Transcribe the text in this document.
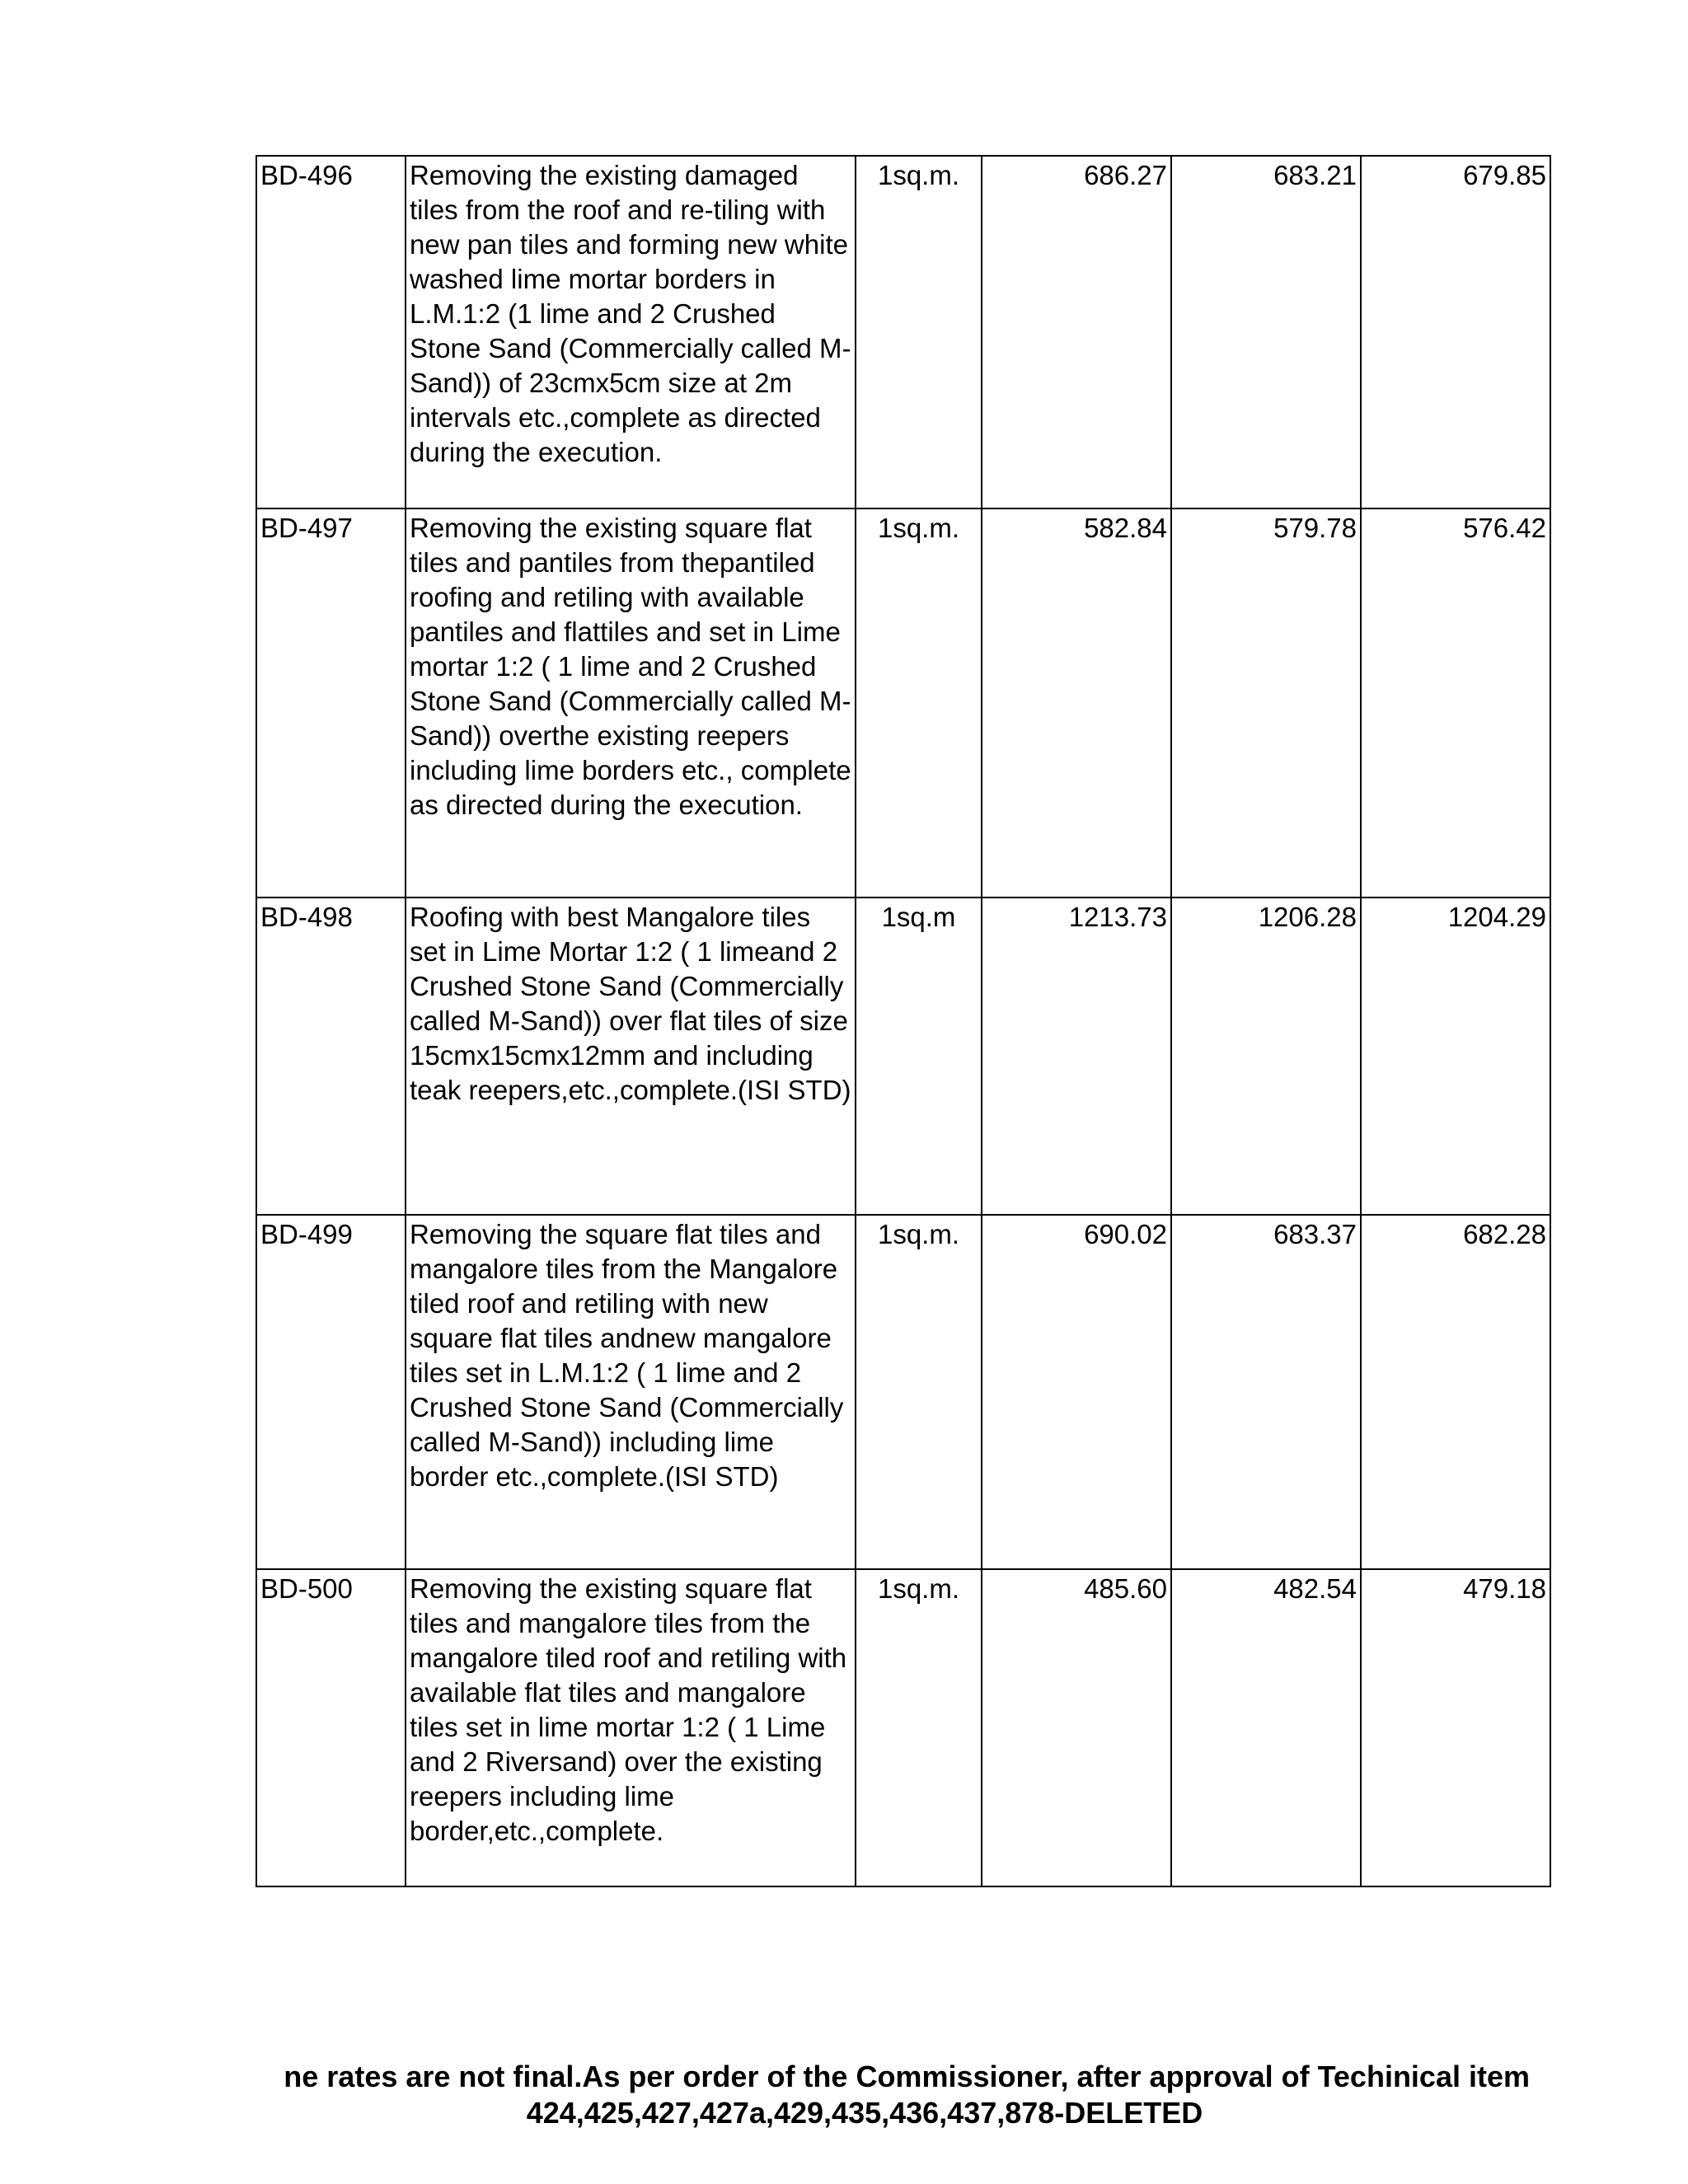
BD-496	Removing the existing damaged tiles from the roof and re-tiling with new pan tiles and forming new white washed lime mortar borders in L.M.1:2 (1 lime and 2 Crushed Stone Sand (Commercially called M-Sand)) of 23cmx5cm size at 2m intervals etc.,complete as directed during the execution.	1sq.m.	686.27	683.21	679.85
BD-497	Removing the existing square flat tiles and pantiles from thepantiled roofing and retiling with available pantiles and flattiles and set in Lime mortar 1:2 ( 1 lime and 2 Crushed Stone Sand (Commercially called M-Sand)) overthe existing reepers including lime borders etc., complete as directed during the execution.	1sq.m.	582.84	579.78	576.42
BD-498	Roofing with best Mangalore tiles set in Lime Mortar 1:2 ( 1 limeand 2 Crushed Stone Sand (Commercially called M-Sand)) over flat tiles of size 15cmx15cmx12mm and including teak reepers,etc.,complete.(ISI STD)	1sq.m	1213.73	1206.28	1204.29
BD-499	Removing the square flat tiles and mangalore tiles from the Mangalore tiled roof and retiling with new square flat tiles andnew mangalore tiles set in L.M.1:2 ( 1 lime and 2 Crushed Stone Sand (Commercially called M-Sand)) including lime border etc.,complete.(ISI STD)	1sq.m.	690.02	683.37	682.28
BD-500	Removing the existing square flat tiles and mangalore tiles from the mangalore tiled roof and retiling with available flat tiles and mangalore tiles set in lime mortar 1:2 ( 1 Lime and 2 Riversand) over the existing reepers including lime border,etc.,complete.	1sq.m.	485.60	482.54	479.18
ne rates are not final.As per order of the Commissioner, after approval of Techinical item
424,425,427,427a,429,435,436,437,878-DELETED
